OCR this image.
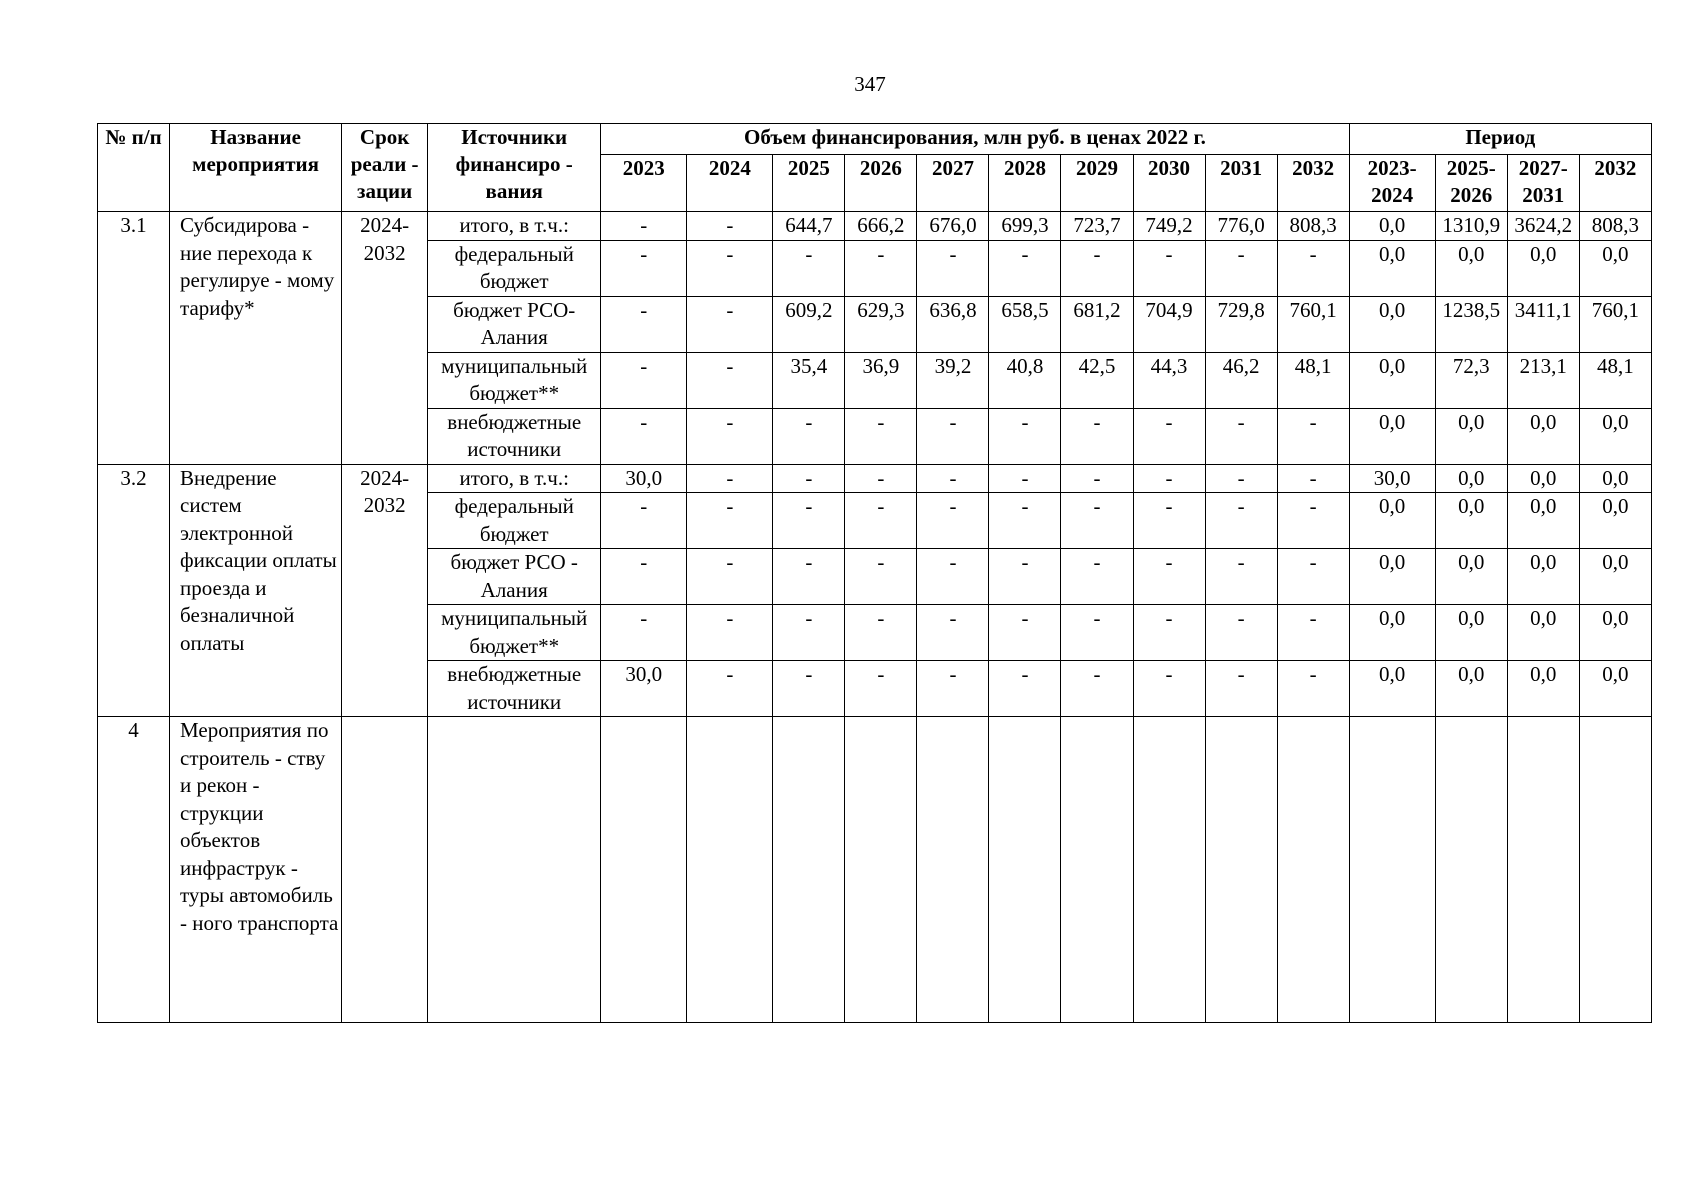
347
№ п/п	Название мероприятия	Срок реали - зации	Источники финансиро - вания	Объем финансирования, млн руб. в ценах 2022 г.										Период			
				2023	2024	2025	2026	2027	2028	2029	2030	2031	2032	2023- 2024	2025- 2026	2027- 2031	2032
3.1	Субсидирова - ние перехода к регулируе - мому тарифу*	2024- 2032	итого, в т.ч.:	-	-	644,7	666,2	676,0	699,3	723,7	749,2	776,0	808,3	0,0	1310,9	3624,2	808,3
			федеральный бюджет	-	-	-	-	-	-	-	-	-	-	0,0	0,0	0,0	0,0
			бюджет РСО- Алания	-	-	609,2	629,3	636,8	658,5	681,2	704,9	729,8	760,1	0,0	1238,5	3411,1	760,1
			муниципальный бюджет**	-	-	35,4	36,9	39,2	40,8	42,5	44,3	46,2	48,1	0,0	72,3	213,1	48,1
			внебюджетные источники	-	-	-	-	-	-	-	-	-	-	0,0	0,0	0,0	0,0
3.2	Внедрение систем электронной фиксации оплаты проезда и безналичной оплаты	2024- 2032	итого, в т.ч.:	30,0	-	-	-	-	-	-	-	-	-	30,0	0,0	0,0	0,0
			федеральный бюджет	-	-	-	-	-	-	-	-	-	-	0,0	0,0	0,0	0,0
			бюджет РСО - Алания	-	-	-	-	-	-	-	-	-	-	0,0	0,0	0,0	0,0
			муниципальный бюджет**	-	-	-	-	-	-	-	-	-	-	0,0	0,0	0,0	0,0
			внебюджетные источники	30,0	-	-	-	-	-	-	-	-	-	0,0	0,0	0,0	0,0
4	Мероприятия по строитель - ству и рекон - струкции объектов инфраструк - туры автомобиль - ного транспорта																
